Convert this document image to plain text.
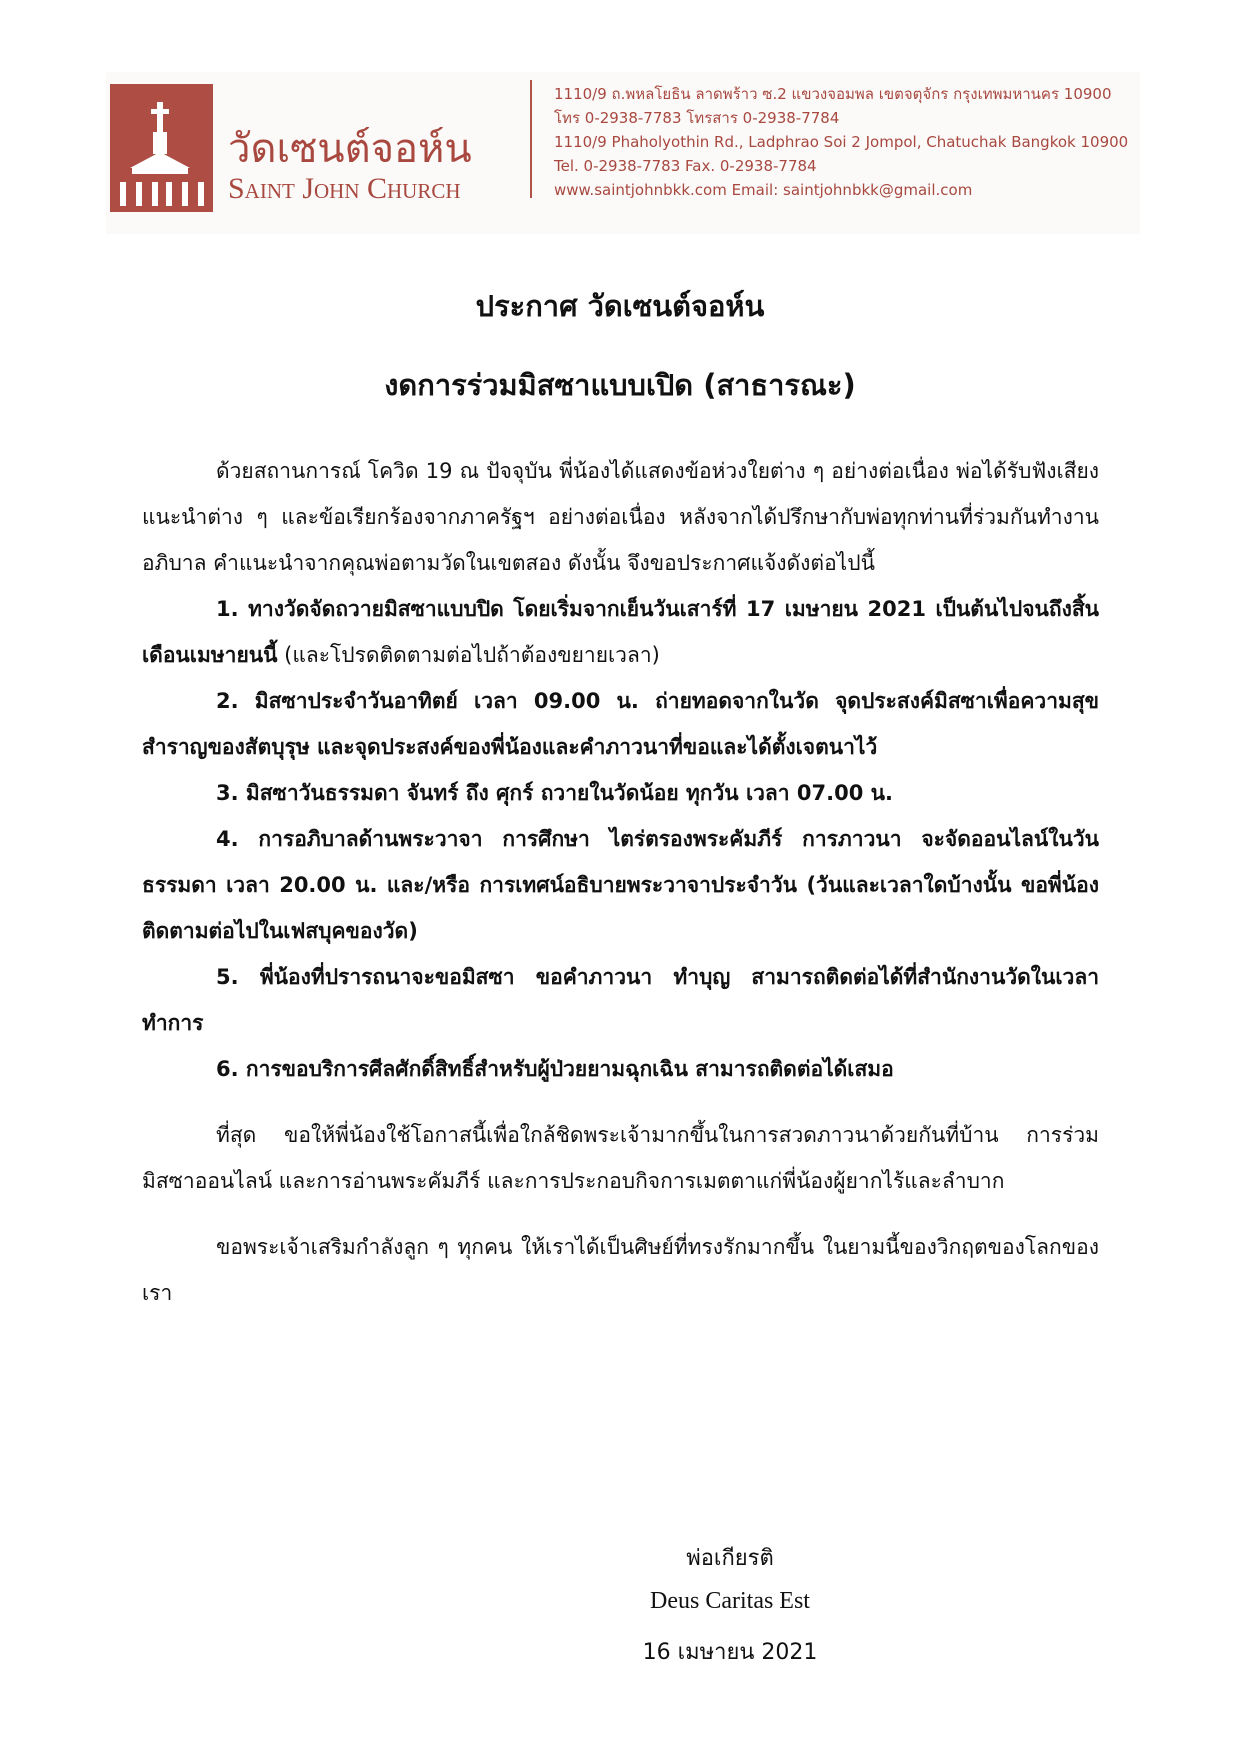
วัดเซนต์จอห์น
Saint John Church
1110/9 ถ.พหลโยธิน ลาดพร้าว ซ.2 แขวงจอมพล เขตจตุจักร กรุงเทพมหานคร 10900
โทร 0-2938-7783 โทรสาร 0-2938-7784
1110/9 Phaholyothin Rd., Ladphrao Soi 2 Jompol, Chatuchak Bangkok 10900
Tel. 0-2938-7783 Fax. 0-2938-7784
www.saintjohnbkk.com Email: saintjohnbkk@gmail.com
ประกาศ วัดเซนต์จอห์น
งดการร่วมมิสซาแบบเปิด (สาธารณะ)

ด้วยสถานการณ์ โควิด 19 ณ ปัจจุบัน พี่น้องได้แสดงข้อห่วงใยต่าง ๆ อย่างต่อเนื่อง พ่อได้รับฟังเสียงแนะนำต่าง ๆ และข้อเรียกร้องจากภาครัฐฯ อย่างต่อเนื่อง หลังจากได้ปรึกษากับพ่อทุกท่านที่ร่วมกันทำงานอภิบาล คำแนะนำจากคุณพ่อตามวัดในเขตสอง ดังนั้น จึงขอประกาศแจ้งดังต่อไปนี้

1. ทางวัดจัดถวายมิสซาแบบปิด โดยเริ่มจากเย็นวันเสาร์ที่ 17 เมษายน 2021 เป็นต้นไปจนถึงสิ้นเดือนเมษายนนี้ (และโปรดติดตามต่อไปถ้าต้องขยายเวลา)

2. มิสซาประจำวันอาทิตย์ เวลา 09.00 น. ถ่ายทอดจากในวัด จุดประสงค์มิสซาเพื่อความสุขสำราญของสัตบุรุษ และจุดประสงค์ของพี่น้องและคำภาวนาที่ขอและได้ตั้งเจตนาไว้

3. มิสซาวันธรรมดา จันทร์ ถึง ศุกร์ ถวายในวัดน้อย ทุกวัน เวลา 07.00 น.

4. การอภิบาลด้านพระวาจา การศึกษา ไตร่ตรองพระคัมภีร์ การภาวนา จะจัดออนไลน์ในวันธรรมดา เวลา 20.00 น. และ/หรือ การเทศน์อธิบายพระวาจาประจำวัน (วันและเวลาใดบ้างนั้น ขอพี่น้องติดตามต่อไปในเฟสบุคของวัด)

5. พี่น้องที่ปรารถนาจะขอมิสซา ขอคำภาวนา ทำบุญ สามารถติดต่อได้ที่สำนักงานวัดในเวลาทำการ

6. การขอบริการศีลศักดิ์สิทธิ์สำหรับผู้ป่วยยามฉุกเฉิน สามารถติดต่อได้เสมอ

ที่สุด ขอให้พี่น้องใช้โอกาสนี้เพื่อใกล้ชิดพระเจ้ามากขึ้นในการสวดภาวนาด้วยกันที่บ้าน การร่วมมิสซาออนไลน์ และการอ่านพระคัมภีร์ และการประกอบกิจการเมตตาแก่พี่น้องผู้ยากไร้และลำบาก

ขอพระเจ้าเสริมกำลังลูก ๆ ทุกคน ให้เราได้เป็นศิษย์ที่ทรงรักมากขึ้น ในยามนี้ของวิกฤตของโลกของเรา

พ่อเกียรติ
Deus Caritas Est
16 เมษายน 2021
